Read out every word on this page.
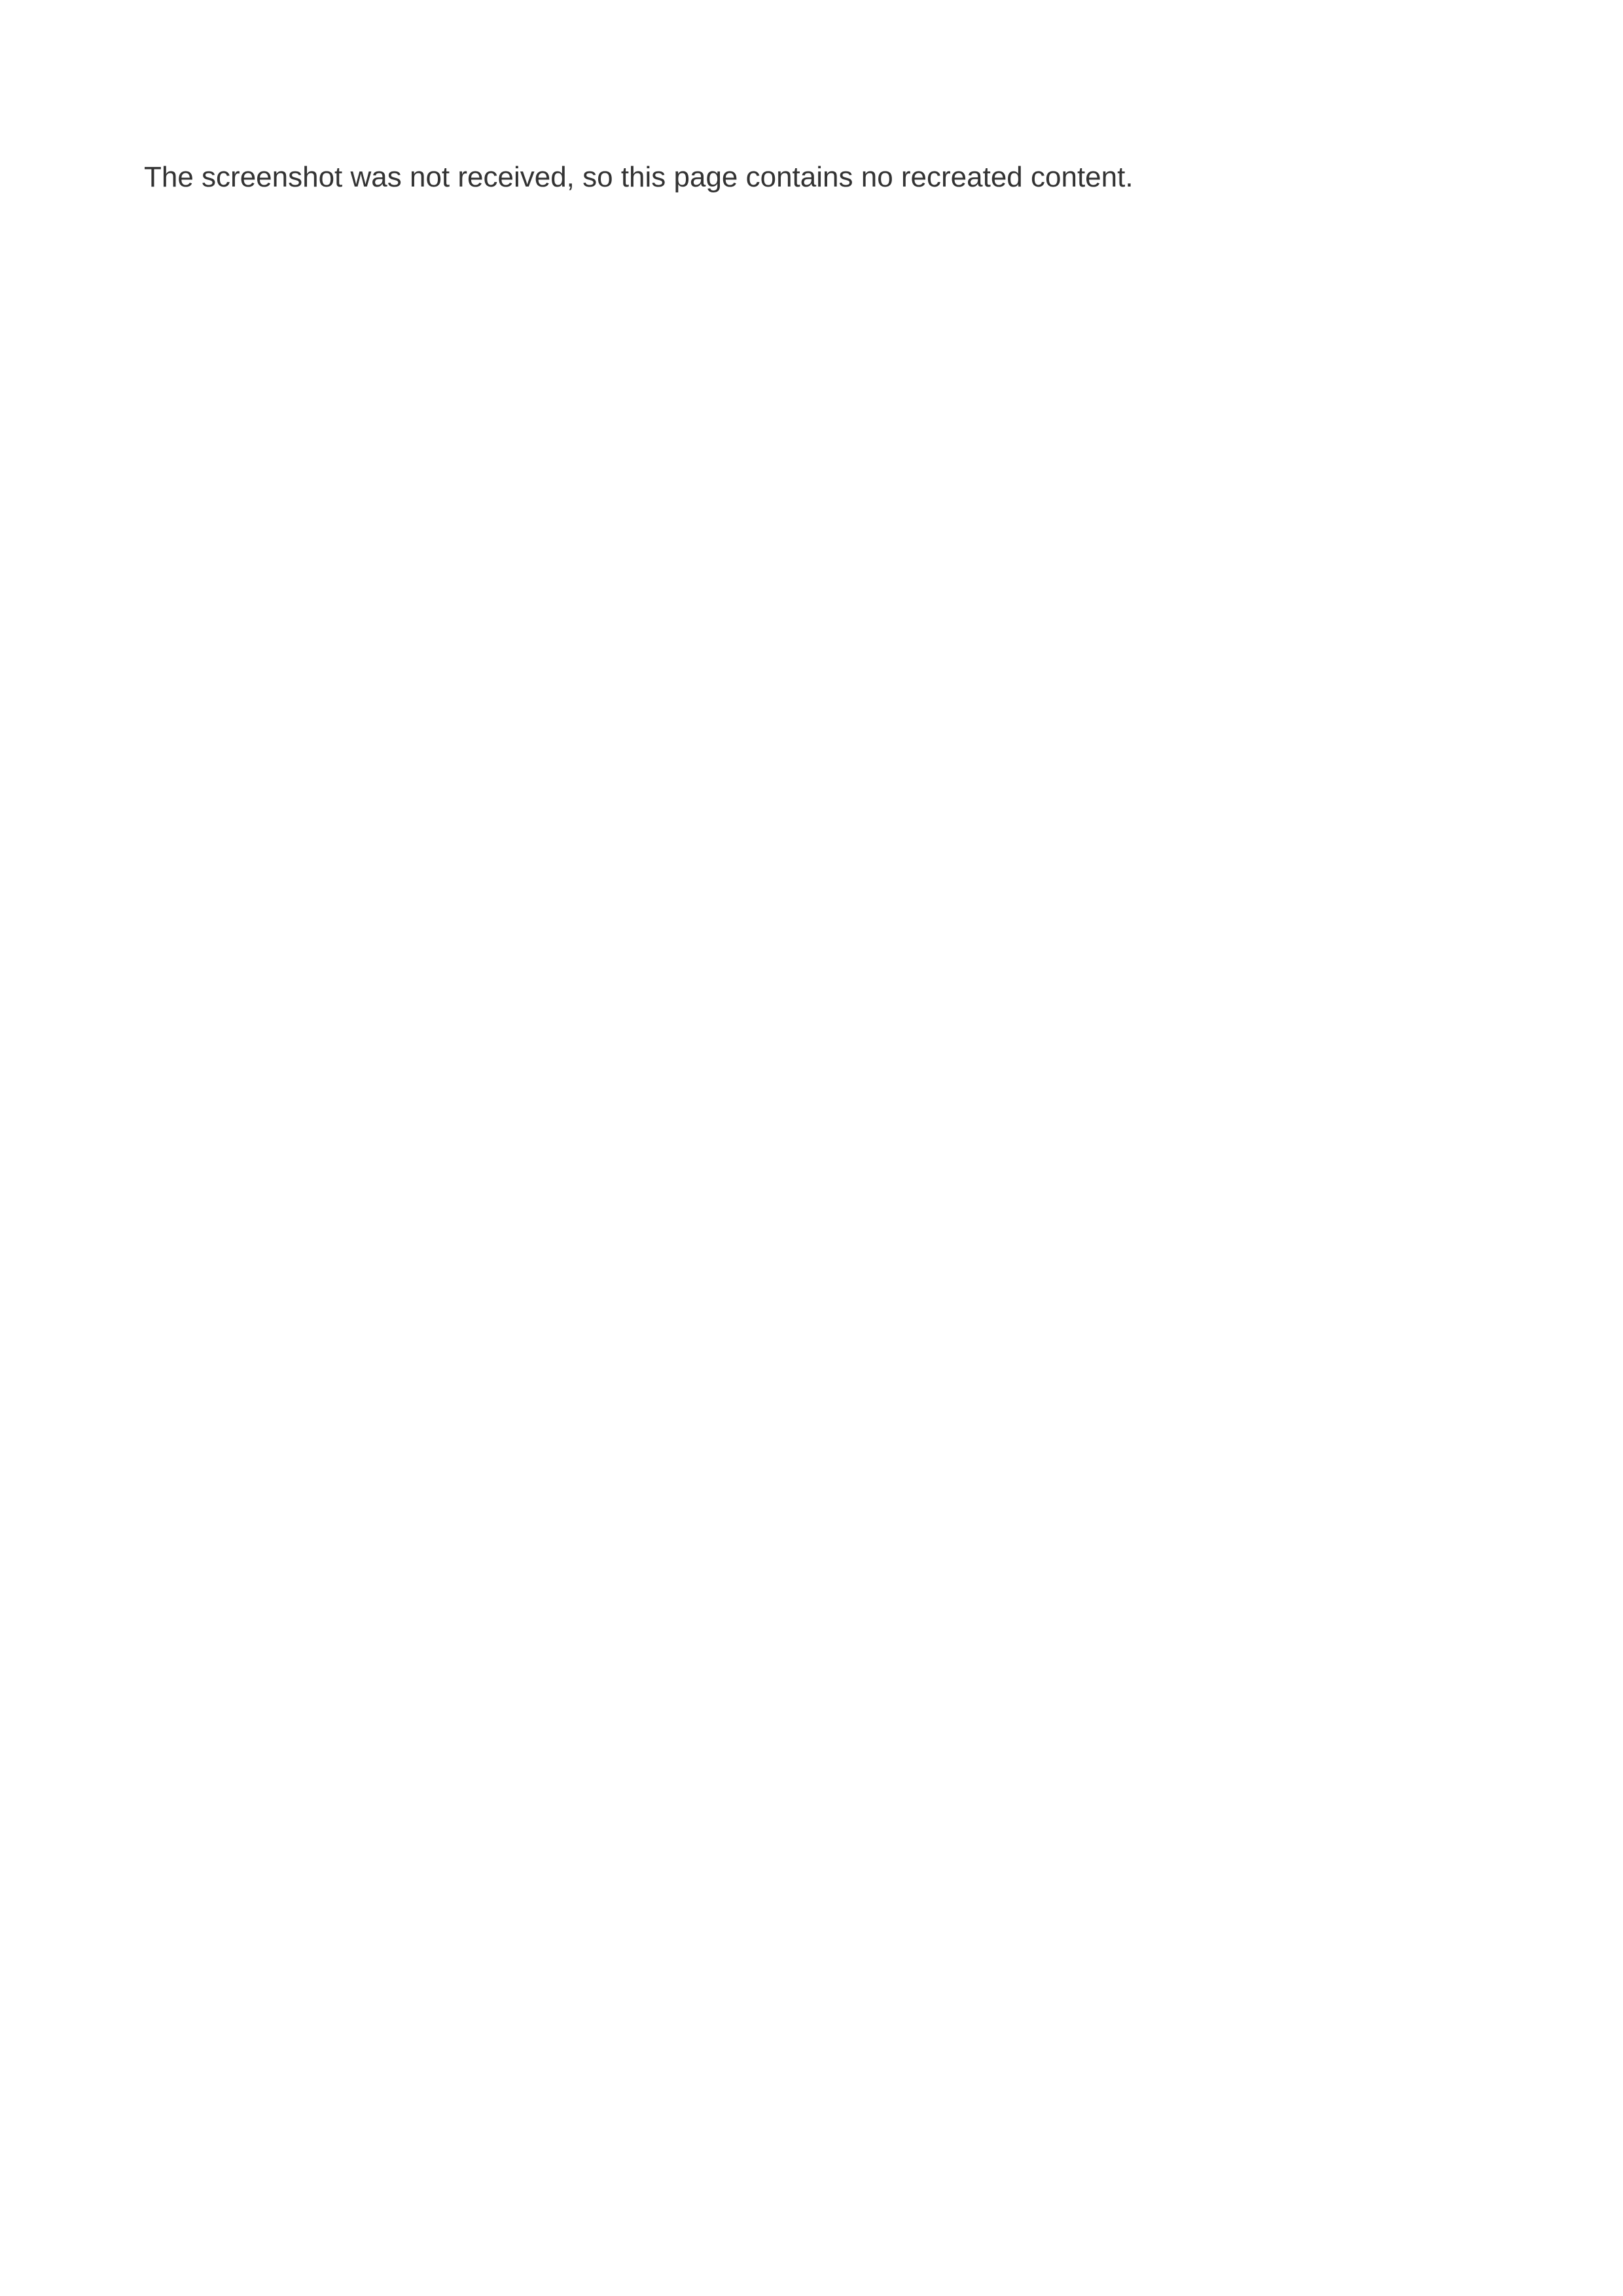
The screenshot was not received, so this page contains no recreated content.
